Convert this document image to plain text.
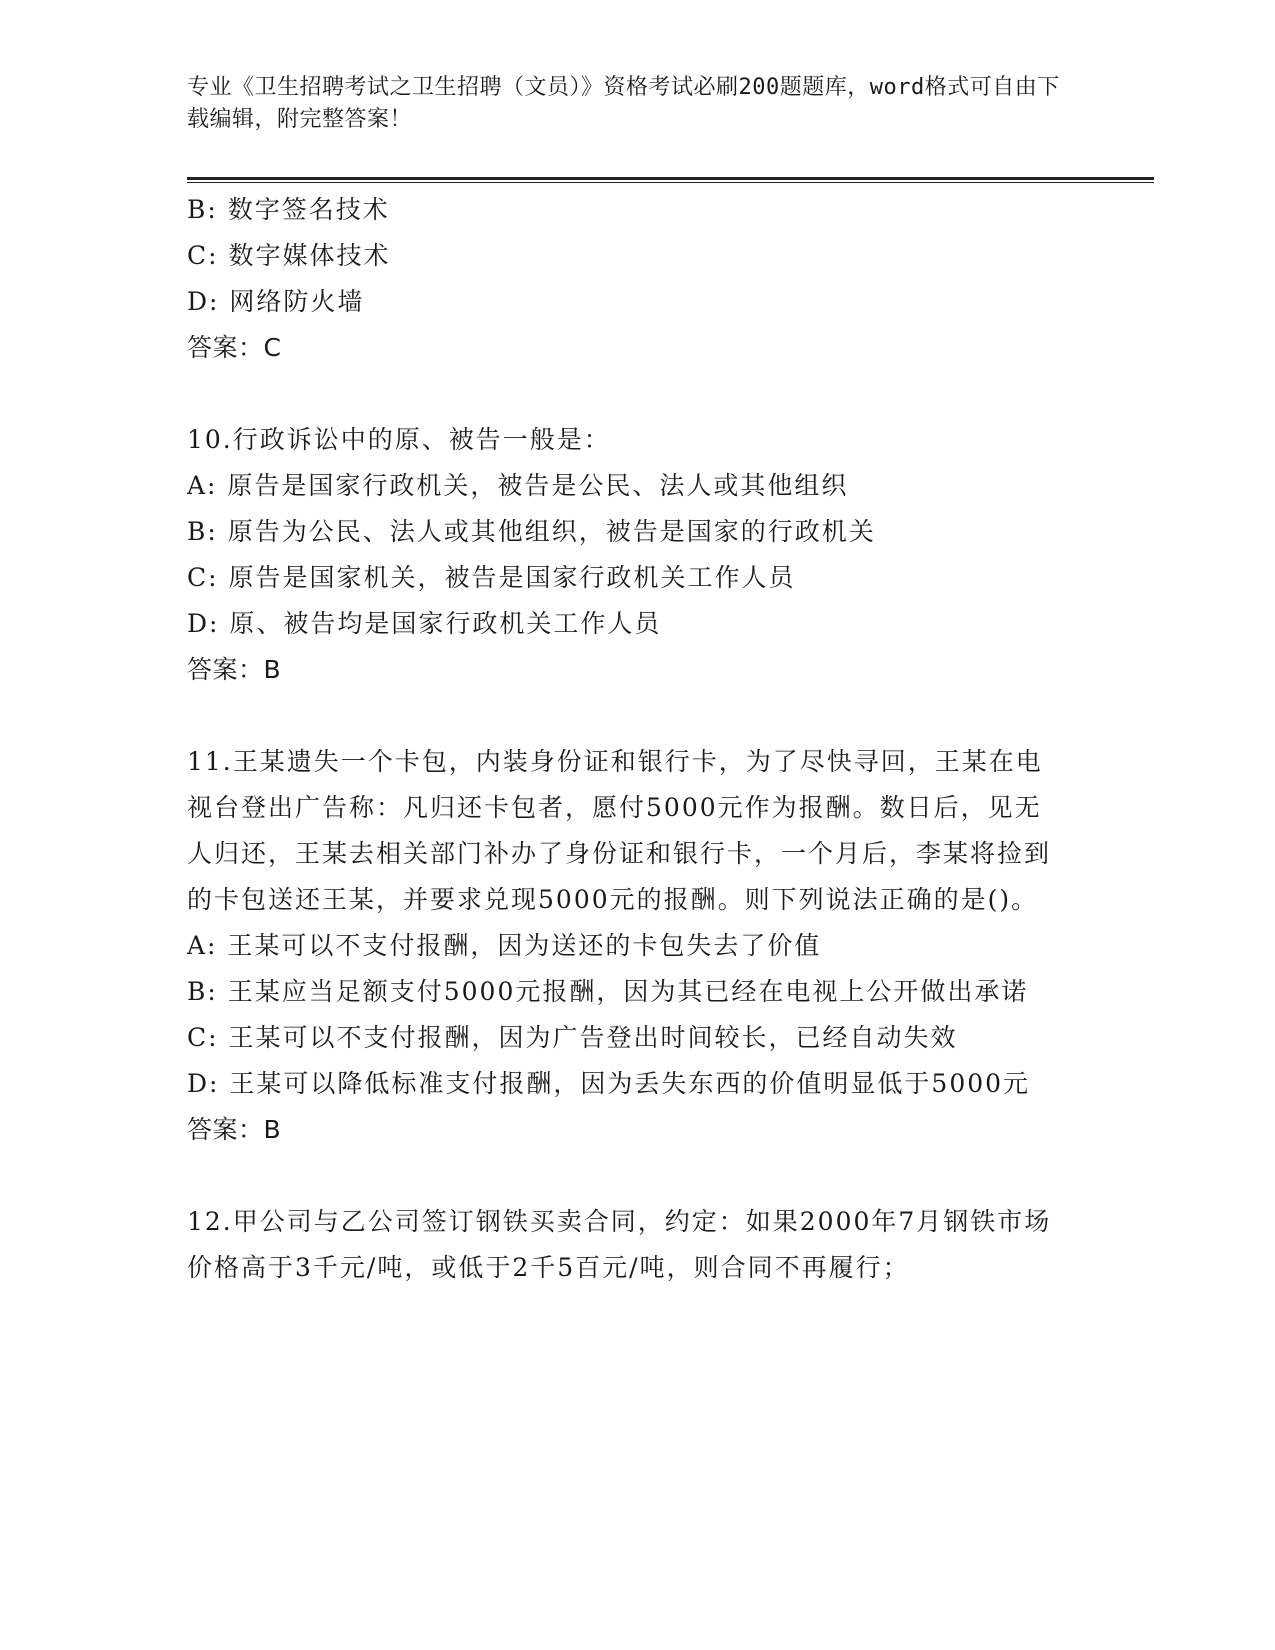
专业《卫生招聘考试之卫生招聘（文员）》资格考试必刷200题题库，word格式可自由下载编辑，附完整答案！

B: 数字签名技术

C: 数字媒体技术

D: 网络防火墙

答案：C

10.行政诉讼中的原、被告一般是：

A: 原告是国家行政机关，被告是公民、法人或其他组织

B: 原告为公民、法人或其他组织，被告是国家的行政机关

C: 原告是国家机关，被告是国家行政机关工作人员

D: 原、被告均是国家行政机关工作人员

答案：B

11.王某遗失一个卡包，内装身份证和银行卡，为了尽快寻回，王某在电视台登出广告称：凡归还卡包者，愿付5000元作为报酬。数日后，见无人归还，王某去相关部门补办了身份证和银行卡，一个月后，李某将捡到的卡包送还王某，并要求兑现5000元的报酬。则下列说法正确的是()。

A: 王某可以不支付报酬，因为送还的卡包失去了价值

B: 王某应当足额支付5000元报酬，因为其已经在电视上公开做出承诺

C: 王某可以不支付报酬，因为广告登出时间较长，已经自动失效

D: 王某可以降低标准支付报酬，因为丢失东西的价值明显低于5000元

答案：B

12.甲公司与乙公司签订钢铁买卖合同，约定：如果2000年7月钢铁市场价格高于3千元/吨，或低于2千5百元/吨，则合同不再履行；
